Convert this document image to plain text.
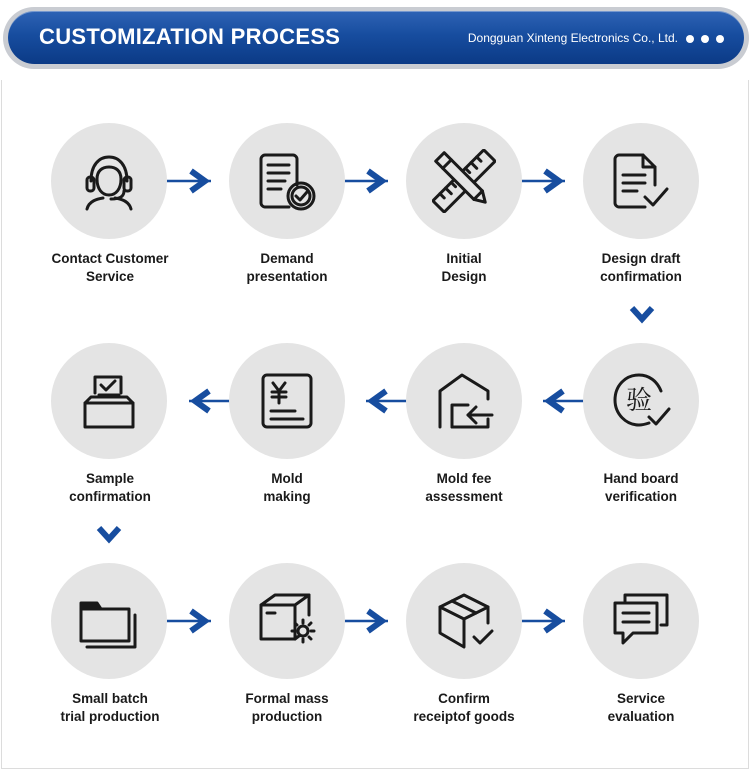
CUSTOMIZATION PROCESS	Dongguan Xinteng Electronics Co., Ltd.
Contact Customer
Service
Demand
presentation
Initial
Design
Design draft
confirmation
Sample
confirmation
Mold
making
Mold fee
assessment
验
Hand board
verification
Small batch
trial production
Formal mass
production
Confirm
receiptof goods
Service
evaluation
